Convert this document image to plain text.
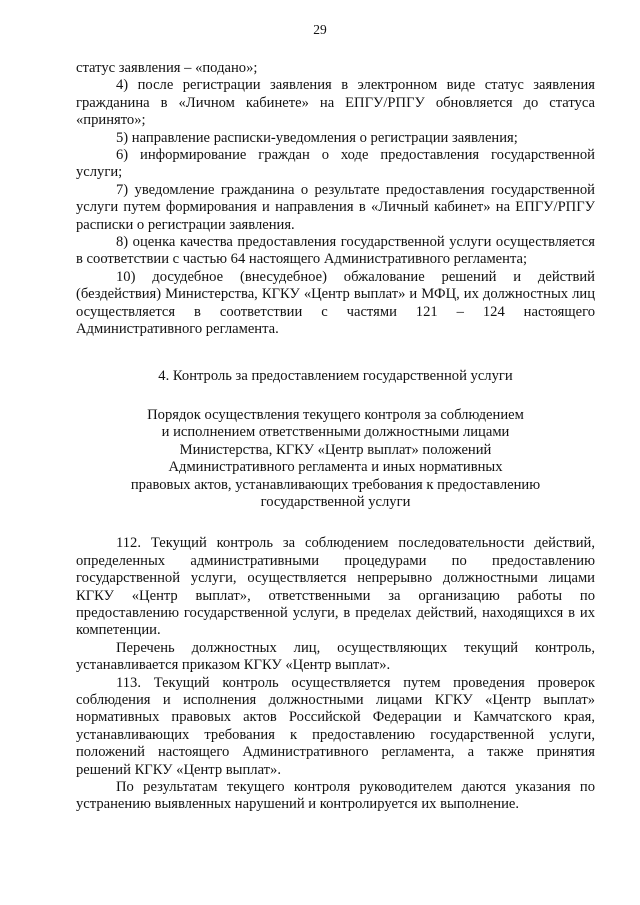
29

статус заявления – «подано»;

4) после регистрации заявления в электронном виде статус заявления гражданина в «Личном кабинете» на ЕПГУ/РПГУ обновляется до статуса «принято»;

5) направление расписки-уведомления о регистрации заявления;

6) информирование граждан о ходе предоставления государственной услуги;

7) уведомление гражданина о результате предоставления государственной услуги путем формирования и направления в «Личный кабинет» на ЕПГУ/РПГУ расписки о регистрации заявления.

8) оценка качества предоставления государственной услуги осуществляется в соответствии с частью 64 настоящего Административного регламента;

10) досудебное (внесудебное) обжалование решений и действий (бездействия) Министерства, КГКУ «Центр выплат» и МФЦ, их должностных лиц осуществляется в соответствии с частями 121 – 124 настоящего Административного регламента.

4. Контроль за предоставлением государственной услуги

Порядок осуществления текущего контроля за соблюдением
и исполнением ответственными должностными лицами
Министерства, КГКУ «Центр выплат» положений
Административного регламента и иных нормативных
правовых актов, устанавливающих требования к предоставлению
государственной услуги

112. Текущий контроль за соблюдением последовательности действий, определенных административными процедурами по предоставлению государственной услуги, осуществляется непрерывно должностными лицами КГКУ «Центр выплат», ответственными за организацию работы по предоставлению государственной услуги, в пределах действий, находящихся в их компетенции.

Перечень должностных лиц, осуществляющих текущий контроль, устанавливается приказом КГКУ «Центр выплат».

113. Текущий контроль осуществляется путем проведения проверок соблюдения и исполнения должностными лицами КГКУ «Центр выплат» нормативных правовых актов Российской Федерации и Камчатского края, устанавливающих требования к предоставлению государственной услуги, положений настоящего Административного регламента, а также принятия решений КГКУ «Центр выплат».

По результатам текущего контроля руководителем даются указания по устранению выявленных нарушений и контролируется их выполнение.
